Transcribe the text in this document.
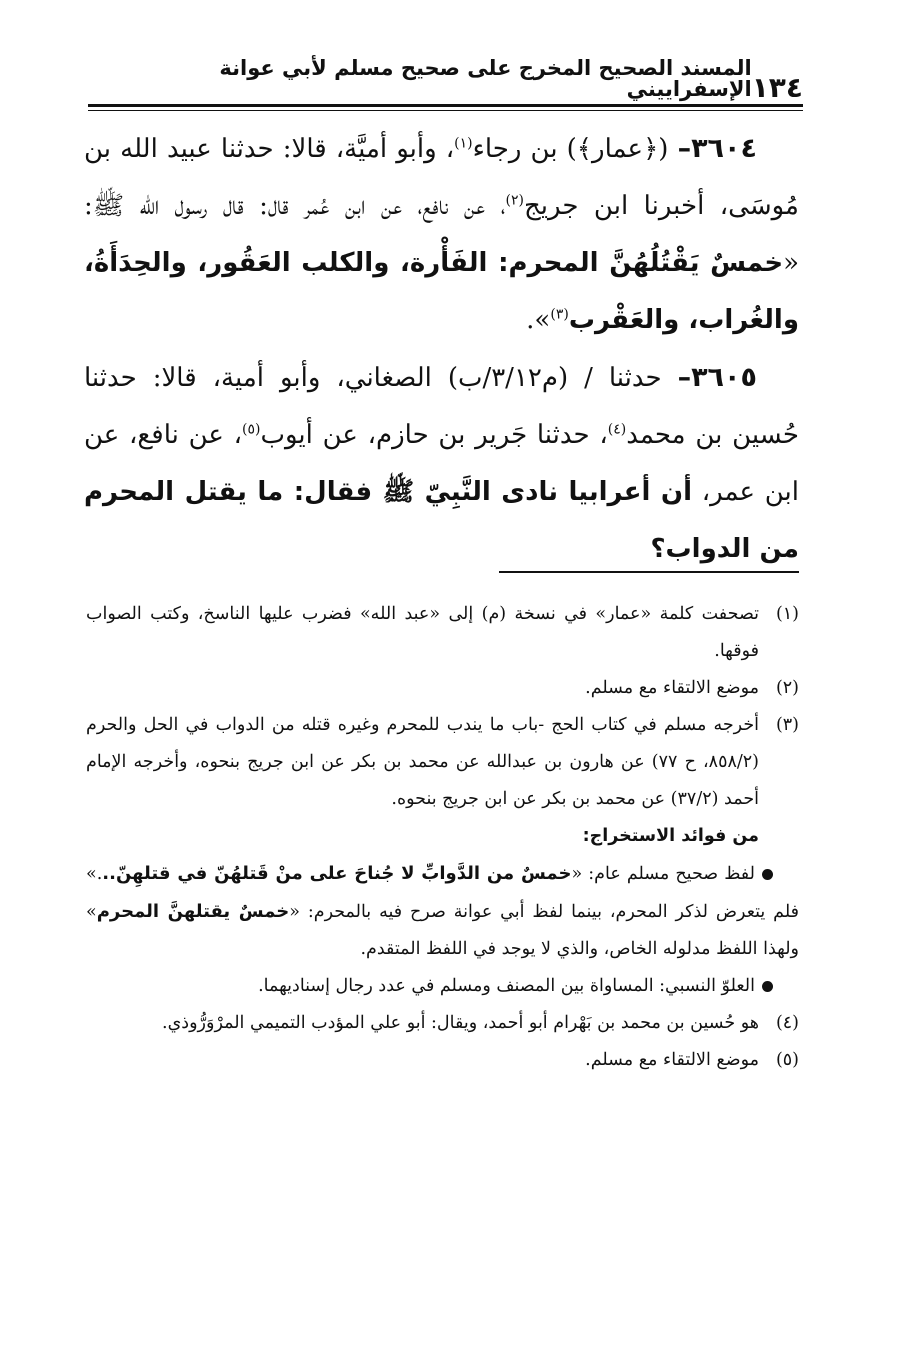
١٣٤
المسند الصحيح المخرج على صحيح مسلم لأبي عوانة الإسفراييني

٣٦٠٤– (﴿عمار﴾) بن رجاء$^{(١)}$، وأبو أميَّة، قالا: حدثنا عبيد الله بن مُوسَى، أخبرنا ابن جريج$^{(٢)}$، عن نافع، عن ابن عُمر قال: قال رسول الله ﷺ: «خمسٌ يَقْتُلُهُنَّ المحرم: الفَأْرة، والكلب العَقُور، والحِدَأَةُ، والغُراب، والعَقْرب$^{(٣)}$».

٣٦٠٥– حدثنا / (م٣/١٢/ب) الصغاني، وأبو أمية، قالا: حدثنا حُسين بن محمد$^{(٤)}$، حدثنا جَرير بن حازم، عن أيوب$^{(٥)}$، عن نافع، عن ابن عمر، أن أعرابيا نادى النَّبِيّ ﷺ فقال: ما يقتل المحرم من الدواب؟

(١)تصحفت كلمة «عمار» في نسخة (م) إلى «عبد الله» فضرب عليها الناسخ، وكتب الصواب فوقها.

(٢)موضع الالتقاء مع مسلم.

(٣)أخرجه مسلم في كتاب الحج -باب ما يندب للمحرم وغيره قتله من الدواب في الحل والحرم (٨٥٨/٢، ح ٧٧) عن هارون بن عبدالله عن محمد بن بكر عن ابن جريج بنحوه، وأخرجه الإمام أحمد (٣٧/٢) عن محمد بن بكر عن ابن جريج بنحوه.

من فوائد الاستخراج:

لفظ صحيح مسلم عام: «خمسٌ من الدَّوابِّ لا جُناحَ على منْ قَتلهُنّ في قتلهِنّ...» فلم يتعرض لذكر المحرم، بينما لفظ أبي عوانة صرح فيه بالمحرم: «خمسٌ يقتلهنَّ المحرم» ولهذا اللفظ مدلوله الخاص، والذي لا يوجد في اللفظ المتقدم.

العلوّ النسبي: المساواة بين المصنف ومسلم في عدد رجال إسناديهما.

(٤)هو حُسين بن محمد بن بَهْرام أبو أحمد، ويقال: أبو علي المؤدب التميمي المرْوَرُّوذي.

(٥)موضع الالتقاء مع مسلم.
